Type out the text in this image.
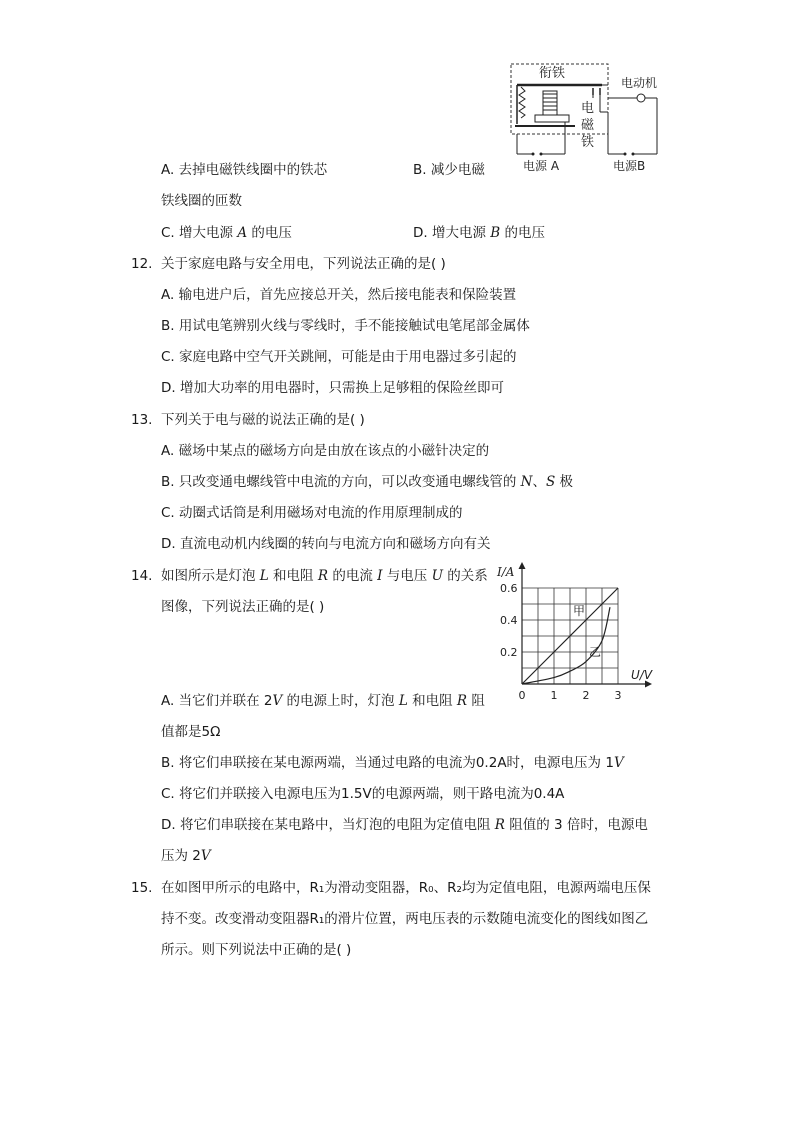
衔铁
电
磁
铁
电源 A
电动机
电源B
A. 去掉电磁铁线圈中的铁芯	B. 减少电磁
铁线圈的匝数
C. 增大电源 A 的电压	D. 增大电源 B 的电压
12. 关于家庭电路与安全用电，下列说法正确的是( )
A. 输电进户后，首先应接总开关，然后接电能表和保险装置
B. 用试电笔辨别火线与零线时，手不能接触试电笔尾部金属体
C. 家庭电路中空气开关跳闸，可能是由于用电器过多引起的
D. 增加大功率的用电器时，只需换上足够粗的保险丝即可
13. 下列关于电与磁的说法正确的是( )
A. 磁场中某点的磁场方向是由放在该点的小磁针决定的
B. 只改变通电螺线管中电流的方向，可以改变通电螺线管的 N、S 极
C. 动圈式话筒是利用磁场对电流的作用原理制成的
D. 直流电动机内线圈的转向与电流方向和磁场方向有关
14. 如图所示是灯泡 L 和电阻 R 的电流 I 与电压 U 的关系
图像，下列说法正确的是( )
0 1 2 3
0.2
0.4
0.6
I/A
U/V
甲
乙
A. 当它们并联在 2V 的电源上时，灯泡 L 和电阻 R 阻
值都是5Ω
B. 将它们串联接在某电源两端，当通过电路的电流为0.2A时，电源电压为 1V
C. 将它们并联接入电源电压为1.5V的电源两端，则干路电流为0.4A
D. 将它们串联接在某电路中，当灯泡的电阻为定值电阻 R 阻值的 3 倍时，电源电
压为 2V
15. 在如图甲所示的电路中，R₁为滑动变阻器，R₀、R₂均为定值电阻，电源两端电压保
持不变。改变滑动变阻器R₁的滑片位置，两电压表的示数随电流变化的图线如图乙
所示。则下列说法中正确的是( )
